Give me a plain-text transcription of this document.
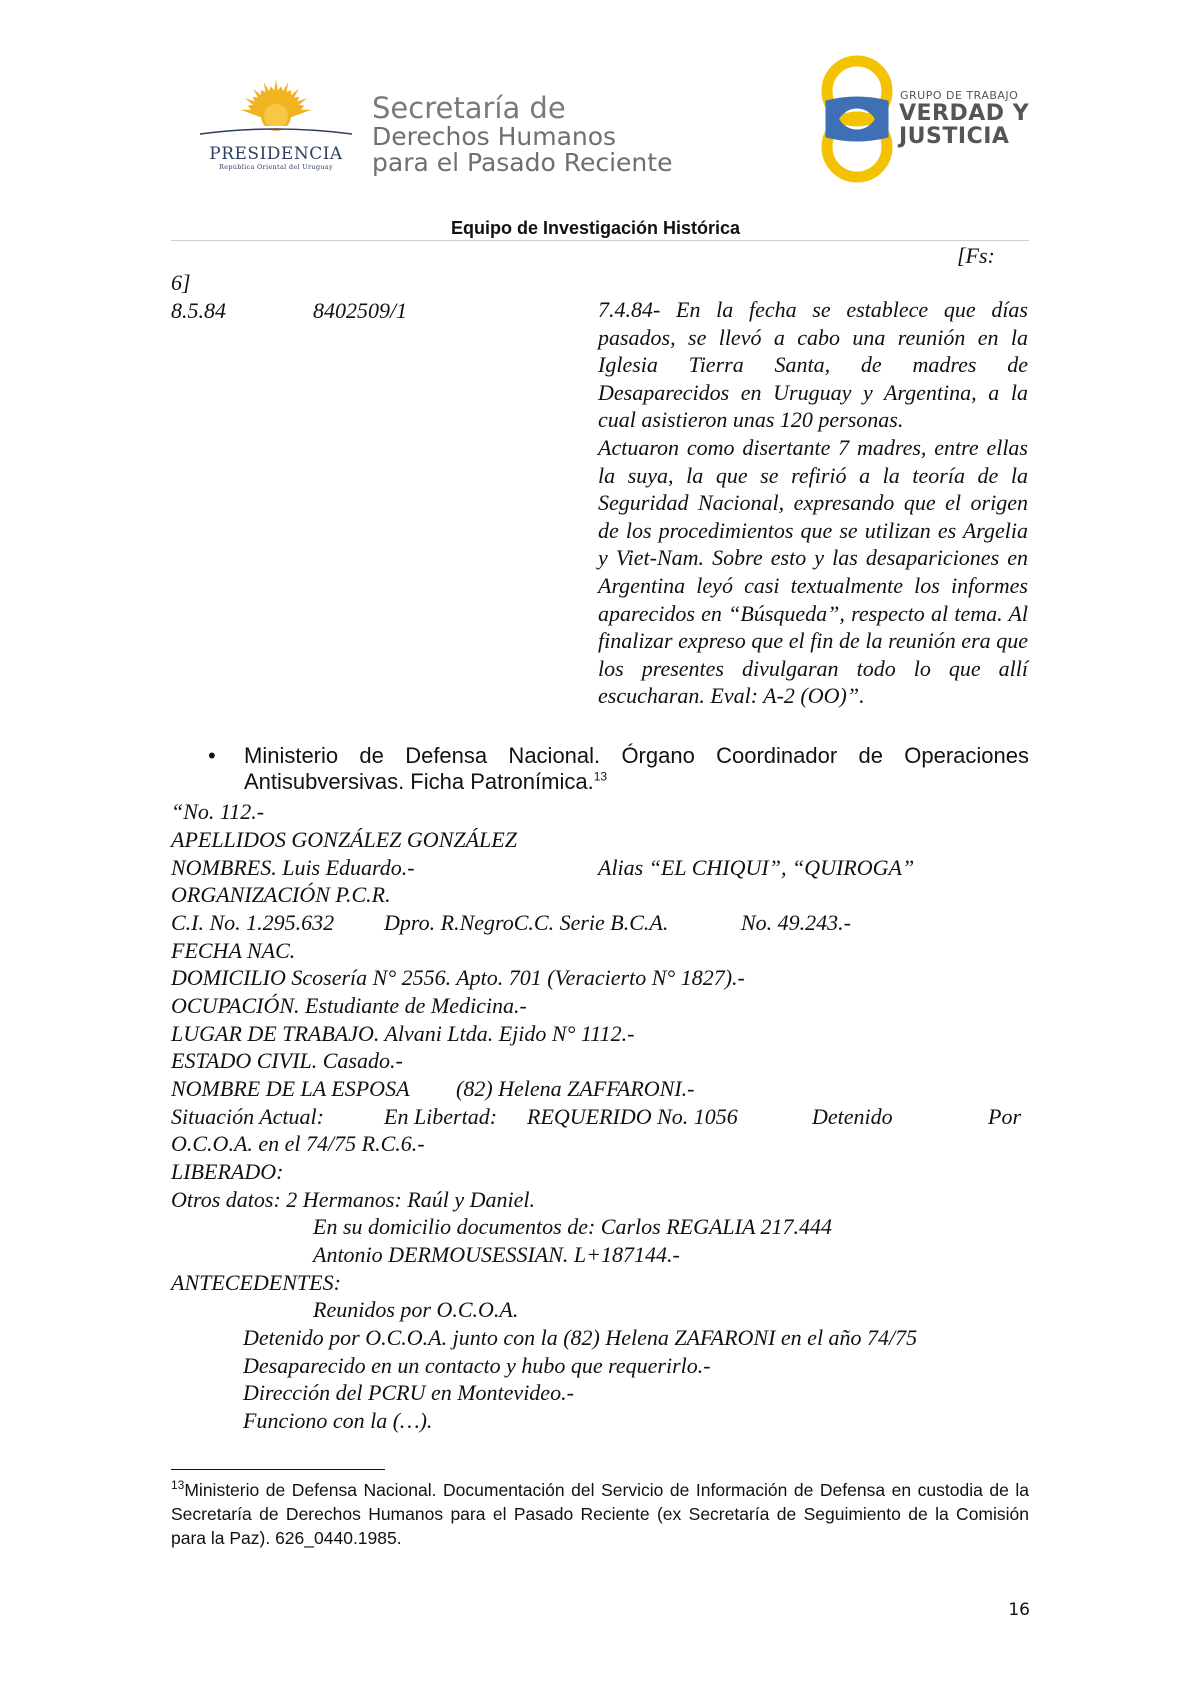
PRESIDENCIA
República Oriental del Uruguay
Secretaría de
Derechos Humanos
para el Pasado Reciente
GRUPO DE TRABAJO
VERDAD Y
JUSTICIA
Equipo de Investigación Histórica
[Fs:
6]
8.5.84	8402509/1	7.4.84- En la fecha se establece que días pasados, se llevó a cabo una reunión en la Iglesia Tierra Santa, de madres de Desaparecidos en Uruguay y Argentina, a la cual asistieron unas 120 personas.

Actuaron como disertante 7 madres, entre ellas la suya, la que se refirió a la teoría de la Seguridad Nacional, expresando que el origen de los procedimientos que se utilizan es Argelia y Viet-Nam. Sobre esto y las desapariciones en Argentina leyó casi textualmente los informes aparecidos en “Búsqueda”, respecto al tema. Al finalizar expreso que el fin de la reunión era que los presentes divulgaran todo lo que allí escucharan. Eval: A-2 (OO)”.

• Ministerio de Defensa Nacional. Órgano Coordinador de Operaciones Antisubversivas. Ficha Patronímica.$^{13}$
“No. 112.-
APELLIDOS GONZÁLEZ GONZÁLEZ
NOMBRES. Luis Eduardo.-	Alias “EL CHIQUI”, “QUIROGA”
ORGANIZACIÓN P.C.R.
C.I. No. 1.295.632 Dpro. R.NegroC.C. Serie B.C.A.	No. 49.243.-
FECHA NAC.
DOMICILIO Scosería N° 2556. Apto. 701 (Veracierto N° 1827).-
OCUPACIÓN. Estudiante de Medicina.-
LUGAR DE TRABAJO. Alvani Ltda. Ejido N° 1112.-
ESTADO CIVIL. Casado.-
NOMBRE DE LA ESPOSA (82) Helena ZAFFARONI.-
Situación Actual:	En Libertad: REQUERIDO No. 1056	Detenido	Por
O.C.O.A. en el 74/75 R.C.6.-
LIBERADO:
Otros datos: 2 Hermanos: Raúl y Daniel.
En su domicilio documentos de: Carlos REGALIA 217.444
Antonio DERMOUSESSIAN. L+187144.-
ANTECEDENTES:
Reunidos por O.C.O.A.
Detenido por O.C.O.A. junto con la (82) Helena ZAFARONI en el año 74/75
Desaparecido en un contacto y hubo que requerirlo.-
Dirección del PCRU en Montevideo.-
Funciono con la (…).
$^{13}$Ministerio de Defensa Nacional. Documentación del Servicio de Información de Defensa en custodia de la Secretaría de Derechos Humanos para el Pasado Reciente (ex Secretaría de Seguimiento de la Comisión para la Paz). 626_0440.1985.
16
